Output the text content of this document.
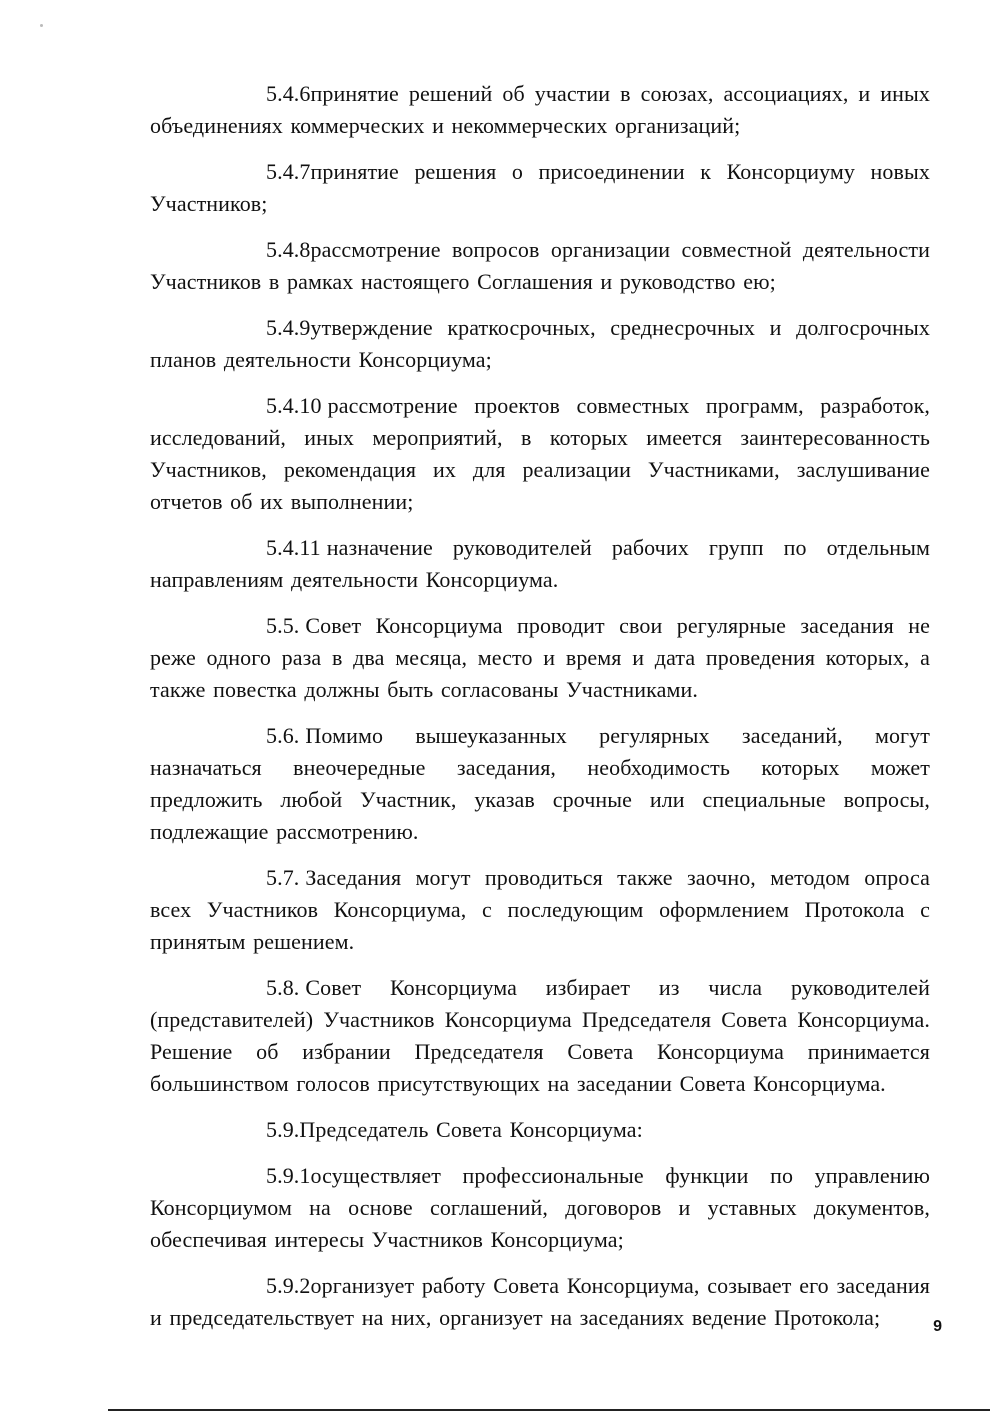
5.4.6принятие решений об участии в союзах, ассоциациях, и иных объединениях коммерческих и некоммерческих организаций;

5.4.7принятие решения о присоединении к Консорциуму новых Участников;

5.4.8рассмотрение вопросов организации совместной деятельности Участников в рамках настоящего Соглашения и руководство ею;

5.4.9утверждение краткосрочных, среднесрочных и долгосрочных планов деятельности Консорциума;

5.4.10 рассмотрение проектов совместных программ, разработок, исследований, иных мероприятий, в которых имеется заинтересованность Участников, рекомендация их для реализации Участниками, заслушивание отчетов об их выполнении;

5.4.11 назначение руководителей рабочих групп по отдельным направлениям деятельности Консорциума.

5.5. Совет Консорциума проводит свои регулярные заседания не реже одного раза в два месяца, место и время и дата проведения которых, а также повестка должны быть согласованы Участниками.

5.6. Помимо вышеуказанных регулярных заседаний, могут назначаться внеочередные заседания, необходимость которых может предложить любой Участник, указав срочные или специальные вопросы, подлежащие рассмотрению.

5.7. Заседания могут проводиться также заочно, методом опроса всех Участников Консорциума, с последующим оформлением Протокола с принятым решением.

5.8. Совет Консорциума избирает из числа руководителей (представителей) Участников Консорциума Председателя Совета Консорциума. Решение об избрании Председателя Совета Консорциума принимается большинством голосов присутствующих на заседании Совета Консорциума.

5.9.Председатель Совета Консорциума:

5.9.1осуществляет профессиональные функции по управлению Консорциумом на основе соглашений, договоров и уставных документов, обеспечивая интересы Участников Консорциума;

5.9.2организует работу Совета Консорциума, созывает его заседания и председательствует на них, организует на заседаниях ведение Протокола;	9
